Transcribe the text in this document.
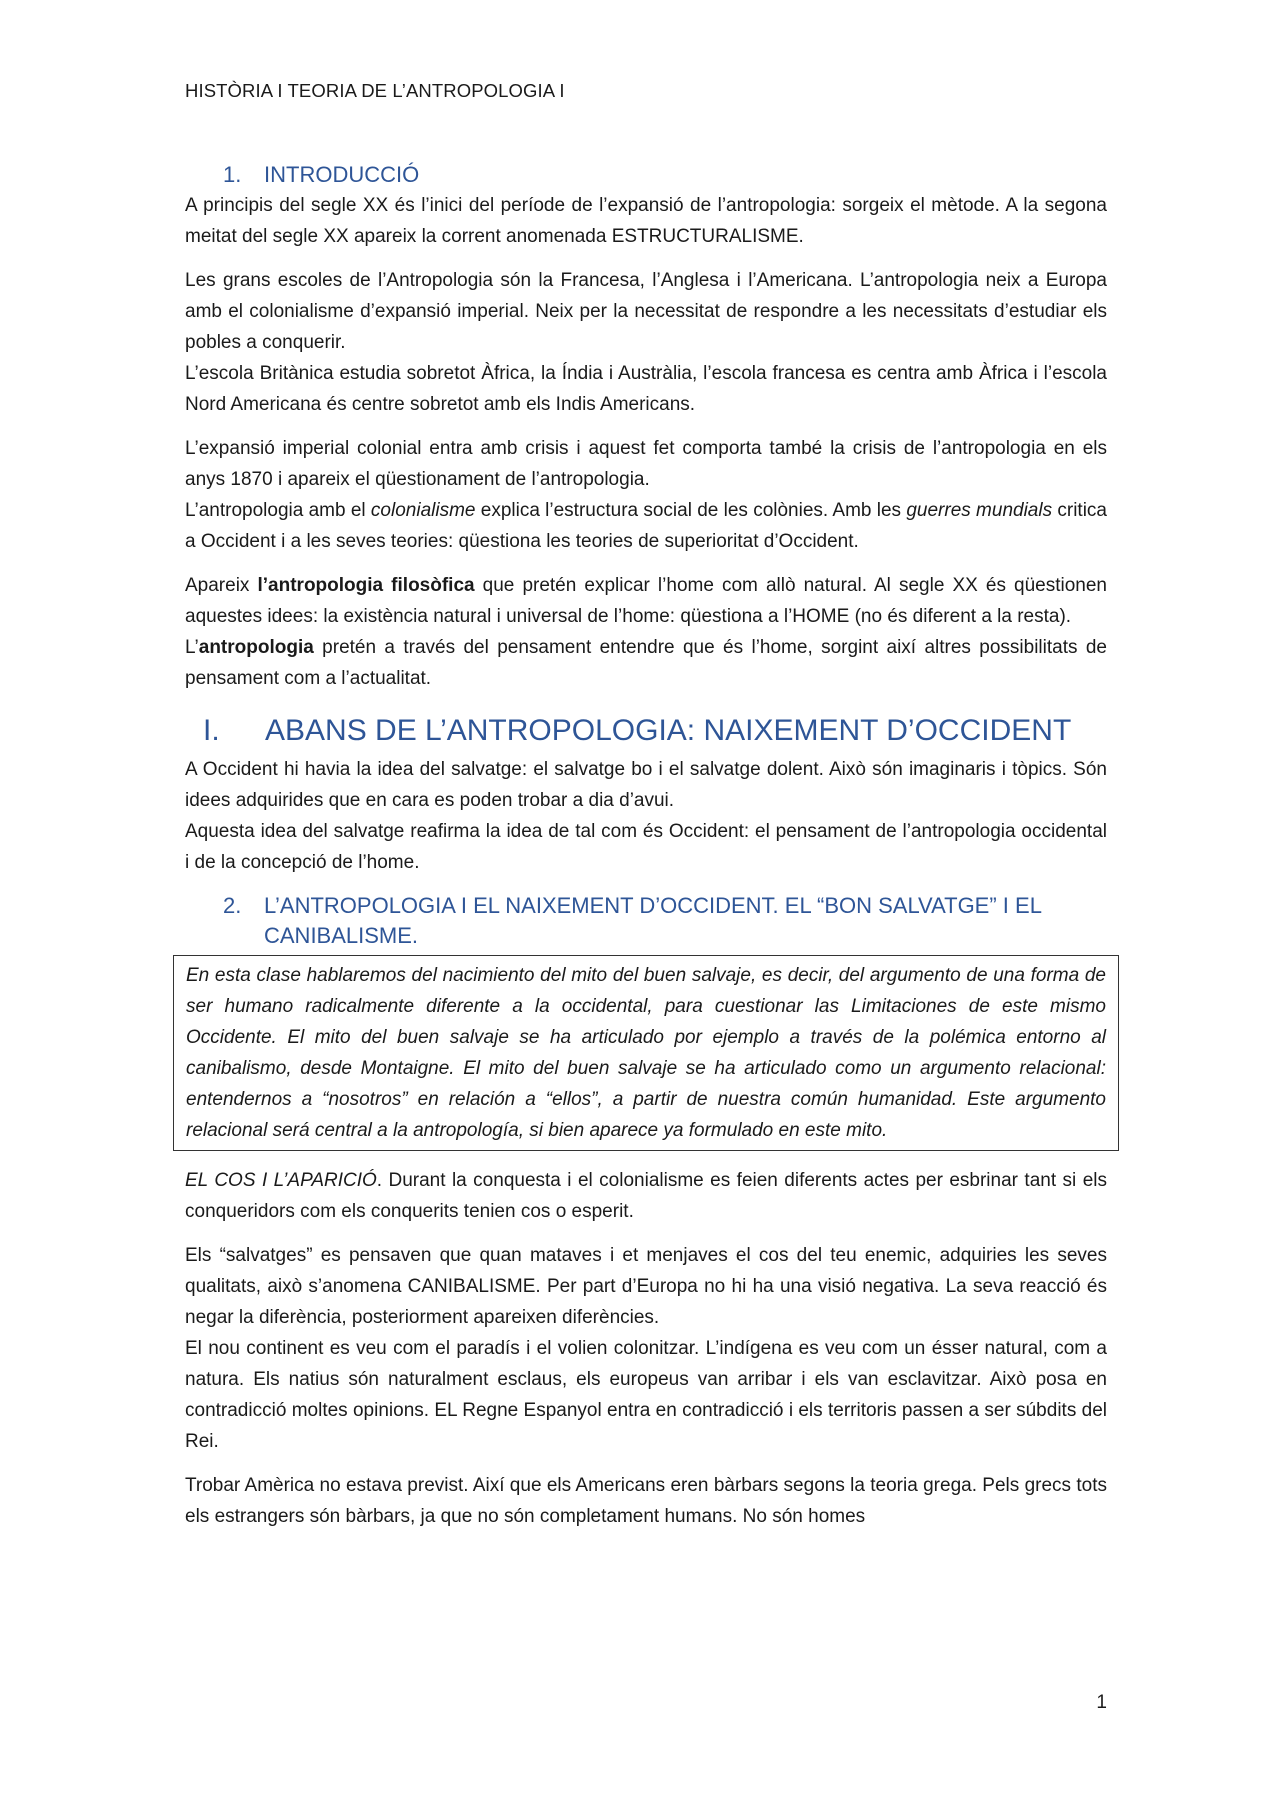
HISTÒRIA I TEORIA DE L’ANTROPOLOGIA I
1.	INTRODUCCIÓ

A principis del segle XX és l’inici del període de l’expansió de l’antropologia: sorgeix el mètode. A la segona meitat del segle XX apareix la corrent anomenada ESTRUCTURALISME.

Les grans escoles de l’Antropologia són la Francesa, l’Anglesa i l’Americana. L’antropologia neix a Europa amb el colonialisme d’expansió imperial. Neix per la necessitat de respondre a les necessitats d’estudiar els pobles a conquerir.

L’escola Britànica estudia sobretot Àfrica, la Índia i Austràlia, l’escola francesa es centra amb Àfrica i l’escola Nord Americana és centre sobretot amb els Indis Americans.

L’expansió imperial colonial entra amb crisis i aquest fet comporta també la crisis de l’antropologia en els anys 1870 i apareix el qüestionament de l’antropologia.

L’antropologia amb el colonialisme explica l’estructura social de les colònies. Amb les guerres mundials critica a Occident i a les seves teories: qüestiona les teories de superioritat d’Occident.

Apareix l’antropologia filosòfica que pretén explicar l’home com allò natural. Al segle XX és qüestionen aquestes idees: la existència natural i universal de l’home: qüestiona a l’HOME (no és diferent a la resta).

L’antropologia pretén a través del pensament entendre que és l’home, sorgint així altres possibilitats de pensament com a l’actualitat.

I.	ABANS DE L’ANTROPOLOGIA: NAIXEMENT D’OCCIDENT

A Occident hi havia la idea del salvatge: el salvatge bo i el salvatge dolent. Això són imaginaris i tòpics. Són idees adquirides que en cara es poden trobar a dia d’avui.

Aquesta idea del salvatge reafirma la idea de tal com és Occident: el pensament de l’antropologia occidental i de la concepció de l’home.

2.	L’ANTROPOLOGIA I EL NAIXEMENT D’OCCIDENT. EL “BON SALVATGE” I EL CANIBALISME.

En esta clase hablaremos del nacimiento del mito del buen salvaje, es decir, del argumento de una forma de ser humano radicalmente diferente a la occidental, para cuestionar las Limitaciones de este mismo Occidente. El mito del buen salvaje se ha articulado por ejemplo a través de la polémica entorno al canibalismo, desde Montaigne. El mito del buen salvaje se ha articulado como un argumento relacional: entendernos a “nosotros” en relación a “ellos”, a partir de nuestra común humanidad. Este argumento relacional será central a la antropología, si bien aparece ya formulado en este mito.

EL COS I L’APARICIÓ. Durant la conquesta i el colonialisme es feien diferents actes per esbrinar tant si els conqueridors com els conquerits tenien cos o esperit.

Els “salvatges” es pensaven que quan mataves i et menjaves el cos del teu enemic, adquiries les seves qualitats, això s’anomena CANIBALISME. Per part d’Europa no hi ha una visió negativa. La seva reacció és negar la diferència, posteriorment apareixen diferències.

El nou continent es veu com el paradís i el volien colonitzar. L’indígena es veu com un ésser natural, com a natura. Els natius són naturalment esclaus, els europeus van arribar i els van esclavitzar. Això posa en contradicció moltes opinions. EL Regne Espanyol entra en contradicció i els territoris passen a ser súbdits del Rei.

Trobar Amèrica no estava previst. Així que els Americans eren bàrbars segons la teoria grega. Pels grecs tots els estrangers són bàrbars, ja que no són completament humans. No són homes

1
